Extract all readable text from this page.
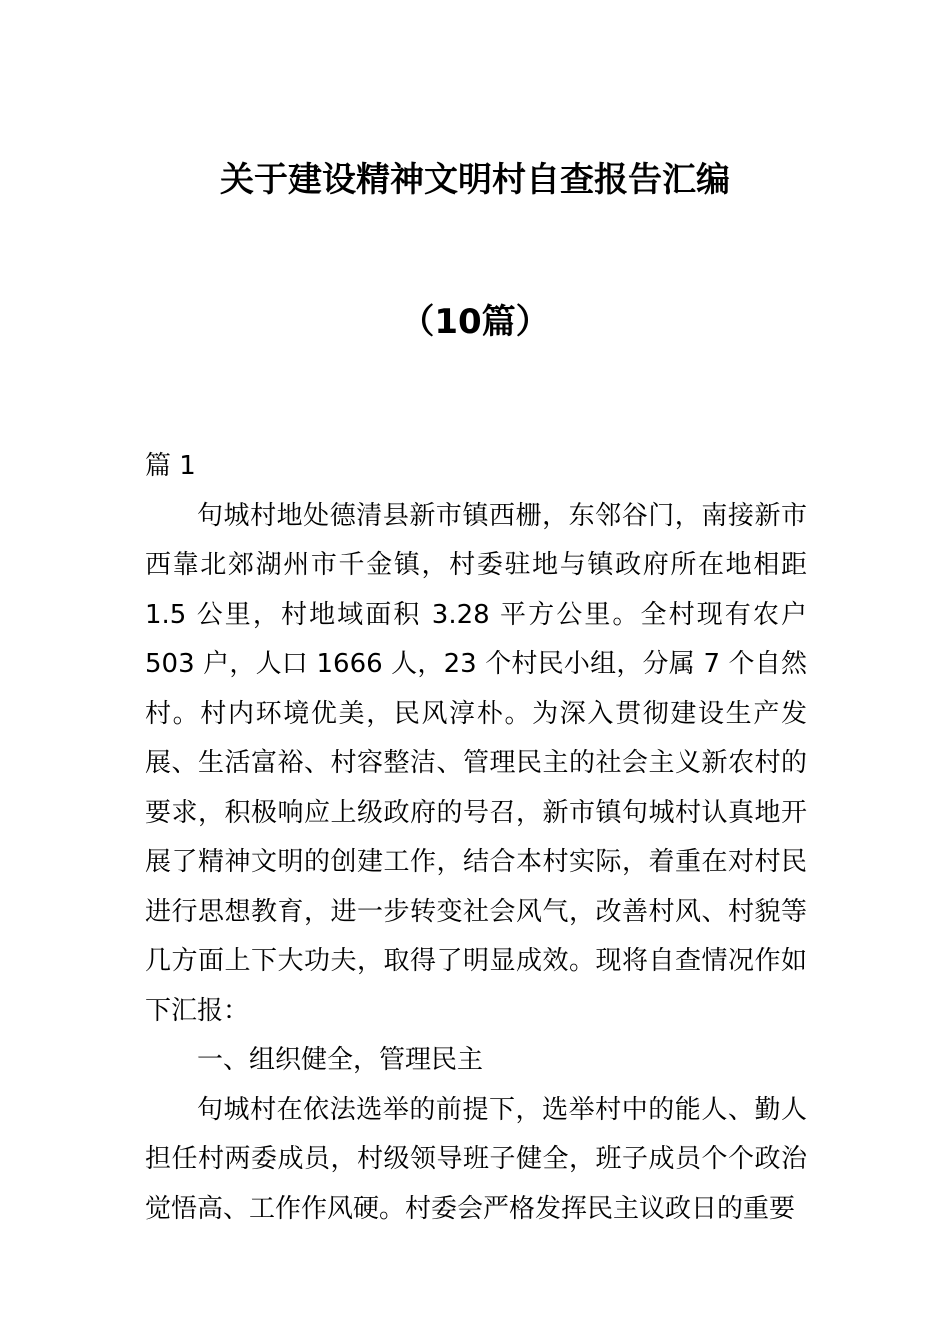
关于建设精神文明村自查报告汇编
（10篇）

篇 1

句城村地处德清县新市镇西栅，东邻谷门，南接新市西靠北郊湖州市千金镇，村委驻地与镇政府所在地相距 1.5 公里，村地域面积 3.28 平方公里。全村现有农户 503 户，人口 1666 人，23 个村民小组，分属 7 个自然村。村内环境优美，民风淳朴。为深入贯彻建设生产发展、生活富裕、村容整洁、管理民主的社会主义新农村的要求，积极响应上级政府的号召，新市镇句城村认真地开展了精神文明的创建工作，结合本村实际，着重在对村民进行思想教育，进一步转变社会风气，改善村风、村貌等几方面上下大功夫，取得了明显成效。现将自查情况作如下汇报：

一、组织健全，管理民主

句城村在依法选举的前提下，选举村中的能人、勤人担任村两委成员，村级领导班子健全，班子成员个个政治觉悟高、工作作风硬。村委会严格发挥民主议政日的重要
